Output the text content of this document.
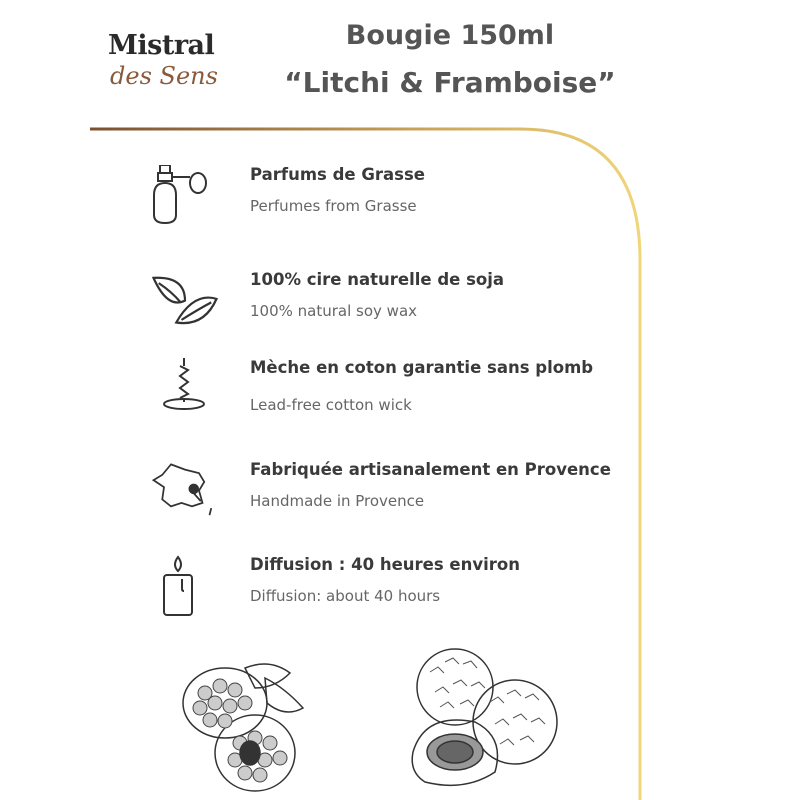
Mistral
des Sens
Bougie 150ml
“Litchi & Framboise”
Parfums de Grasse
Perfumes from Grasse
100% cire naturelle de soja
100% natural soy wax
Mèche en coton garantie sans plomb
Lead-free cotton wick
Fabriquée artisanalement en Provence
Handmade in Provence
Diffusion : 40 heures environ
Diffusion: about 40 hours
